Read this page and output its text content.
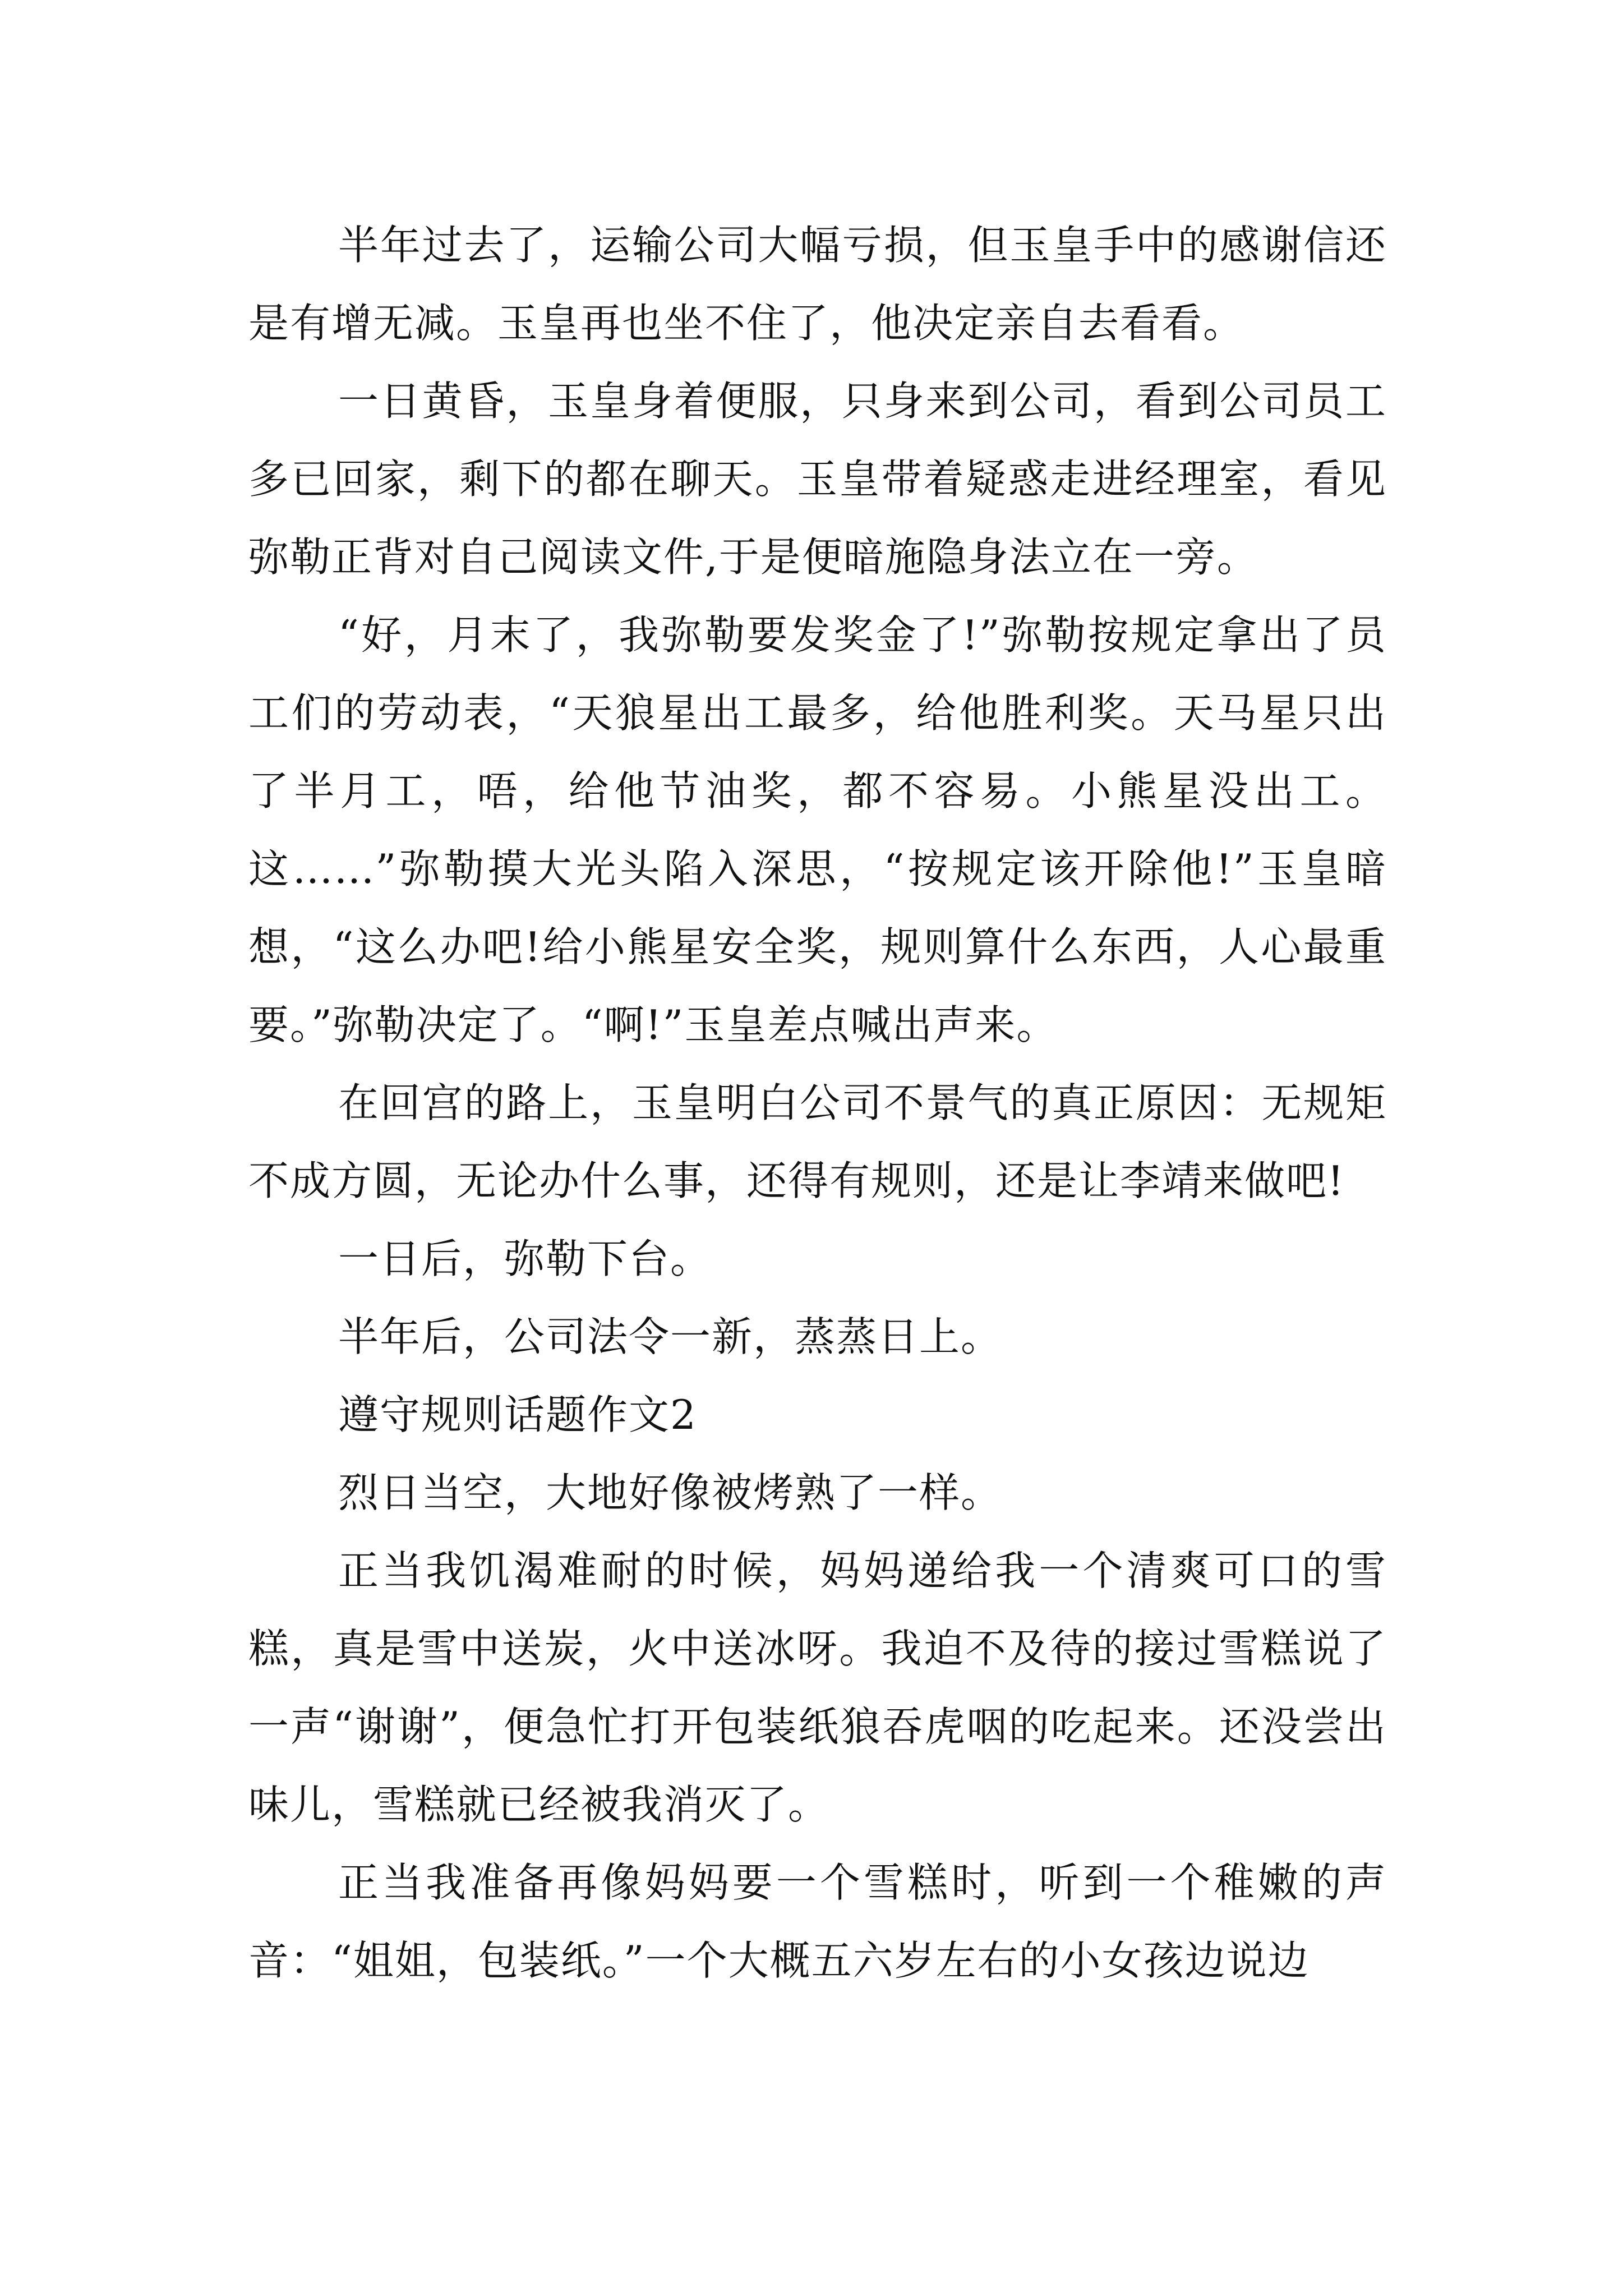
半年过去了，运输公司大幅亏损，但玉皇手中的感谢信还是有增无减。玉皇再也坐不住了，他决定亲自去看看。

一日黄昏，玉皇身着便服，只身来到公司，看到公司员工多已回家，剩下的都在聊天。玉皇带着疑惑走进经理室，看见弥勒正背对自己阅读文件,于是便暗施隐身法立在一旁。

“好，月末了，我弥勒要发奖金了!”弥勒按规定拿出了员工们的劳动表，“天狼星出工最多，给他胜利奖。天马星只出了半月工，唔，给他节油奖，都不容易。小熊星没出工。这……”弥勒摸大光头陷入深思，“按规定该开除他!”玉皇暗想，“这么办吧!给小熊星安全奖，规则算什么东西，人心最重要。”弥勒决定了。“啊!”玉皇差点喊出声来。

在回宫的路上，玉皇明白公司不景气的真正原因：无规矩不成方圆，无论办什么事，还得有规则，还是让李靖来做吧!

一日后，弥勒下台。

半年后，公司法令一新，蒸蒸日上。

遵守规则话题作文2

烈日当空，大地好像被烤熟了一样。

正当我饥渴难耐的时候，妈妈递给我一个清爽可口的雪糕，真是雪中送炭，火中送冰呀。我迫不及待的接过雪糕说了一声“谢谢”，便急忙打开包装纸狼吞虎咽的吃起来。还没尝出味儿，雪糕就已经被我消灭了。

正当我准备再像妈妈要一个雪糕时，听到一个稚嫩的声音：“姐姐，包装纸。”一个大概五六岁左右的小女孩边说边
